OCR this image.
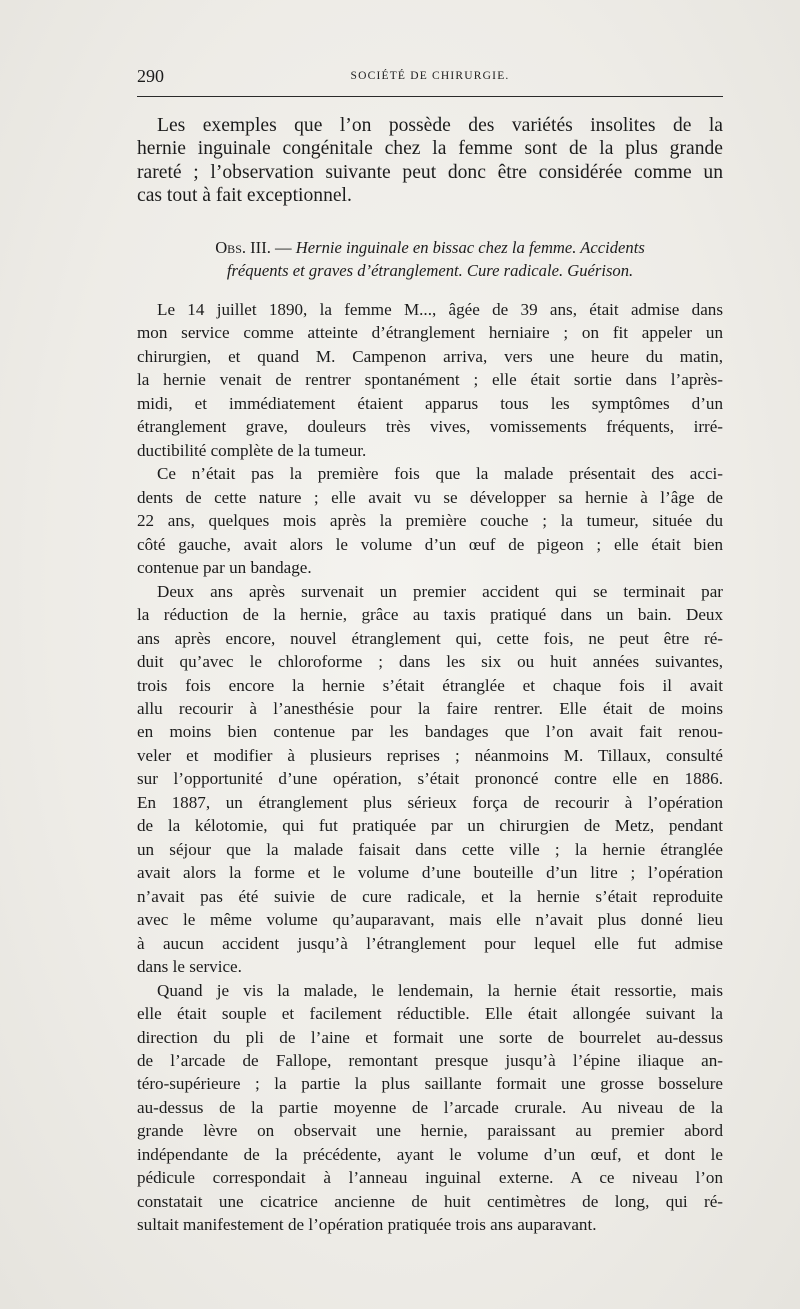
290	SOCIÉTÉ DE CHIRURGIE.

Les exemples que l’on possède des variétés insolites de la
hernie inguinale congénitale chez la femme sont de la plus grande
rareté ; l’observation suivante peut donc être considérée comme un
cas tout à fait exceptionnel.

Obs. III. — Hernie inguinale en bissac chez la femme. Accidents
fréquents et graves d’étranglement. Cure radicale. Guérison.

Le 14 juillet 1890, la femme M..., âgée de 39 ans, était admise dans
mon service comme atteinte d’étranglement herniaire ; on fit appeler un
chirurgien, et quand M. Campenon arriva, vers une heure du matin,
la hernie venait de rentrer spontanément ; elle était sortie dans l’après-
midi, et immédiatement étaient apparus tous les symptômes d’un
étranglement grave, douleurs très vives, vomissements fréquents, irré-
ductibilité complète de la tumeur.

Ce n’était pas la première fois que la malade présentait des acci-
dents de cette nature ; elle avait vu se développer sa hernie à l’âge de
22 ans, quelques mois après la première couche ; la tumeur, située du
côté gauche, avait alors le volume d’un œuf de pigeon ; elle était bien
contenue par un bandage.

Deux ans après survenait un premier accident qui se terminait par
la réduction de la hernie, grâce au taxis pratiqué dans un bain. Deux
ans après encore, nouvel étranglement qui, cette fois, ne peut être ré-
duit qu’avec le chloroforme ; dans les six ou huit années suivantes,
trois fois encore la hernie s’était étranglée et chaque fois il avait
allu recourir à l’anesthésie pour la faire rentrer. Elle était de moins
en moins bien contenue par les bandages que l’on avait fait renou-
veler et modifier à plusieurs reprises ; néanmoins M. Tillaux, consulté
sur l’opportunité d’une opération, s’était prononcé contre elle en 1886.
En 1887, un étranglement plus sérieux força de recourir à l’opération
de la kélotomie, qui fut pratiquée par un chirurgien de Metz, pendant
un séjour que la malade faisait dans cette ville ; la hernie étranglée
avait alors la forme et le volume d’une bouteille d’un litre ; l’opération
n’avait pas été suivie de cure radicale, et la hernie s’était reproduite
avec le même volume qu’auparavant, mais elle n’avait plus donné lieu
à aucun accident jusqu’à l’étranglement pour lequel elle fut admise
dans le service.

Quand je vis la malade, le lendemain, la hernie était ressortie, mais
elle était souple et facilement réductible. Elle était allongée suivant la
direction du pli de l’aine et formait une sorte de bourrelet au-dessus
de l’arcade de Fallope, remontant presque jusqu’à l’épine iliaque an-
téro-supérieure ; la partie la plus saillante formait une grosse bosselure
au-dessus de la partie moyenne de l’arcade crurale. Au niveau de la
grande lèvre on observait une hernie, paraissant au premier abord
indépendante de la précédente, ayant le volume d’un œuf, et dont le
pédicule correspondait à l’anneau inguinal externe. A ce niveau l’on
constatait une cicatrice ancienne de huit centimètres de long, qui ré-
sultait manifestement de l’opération pratiquée trois ans auparavant.
